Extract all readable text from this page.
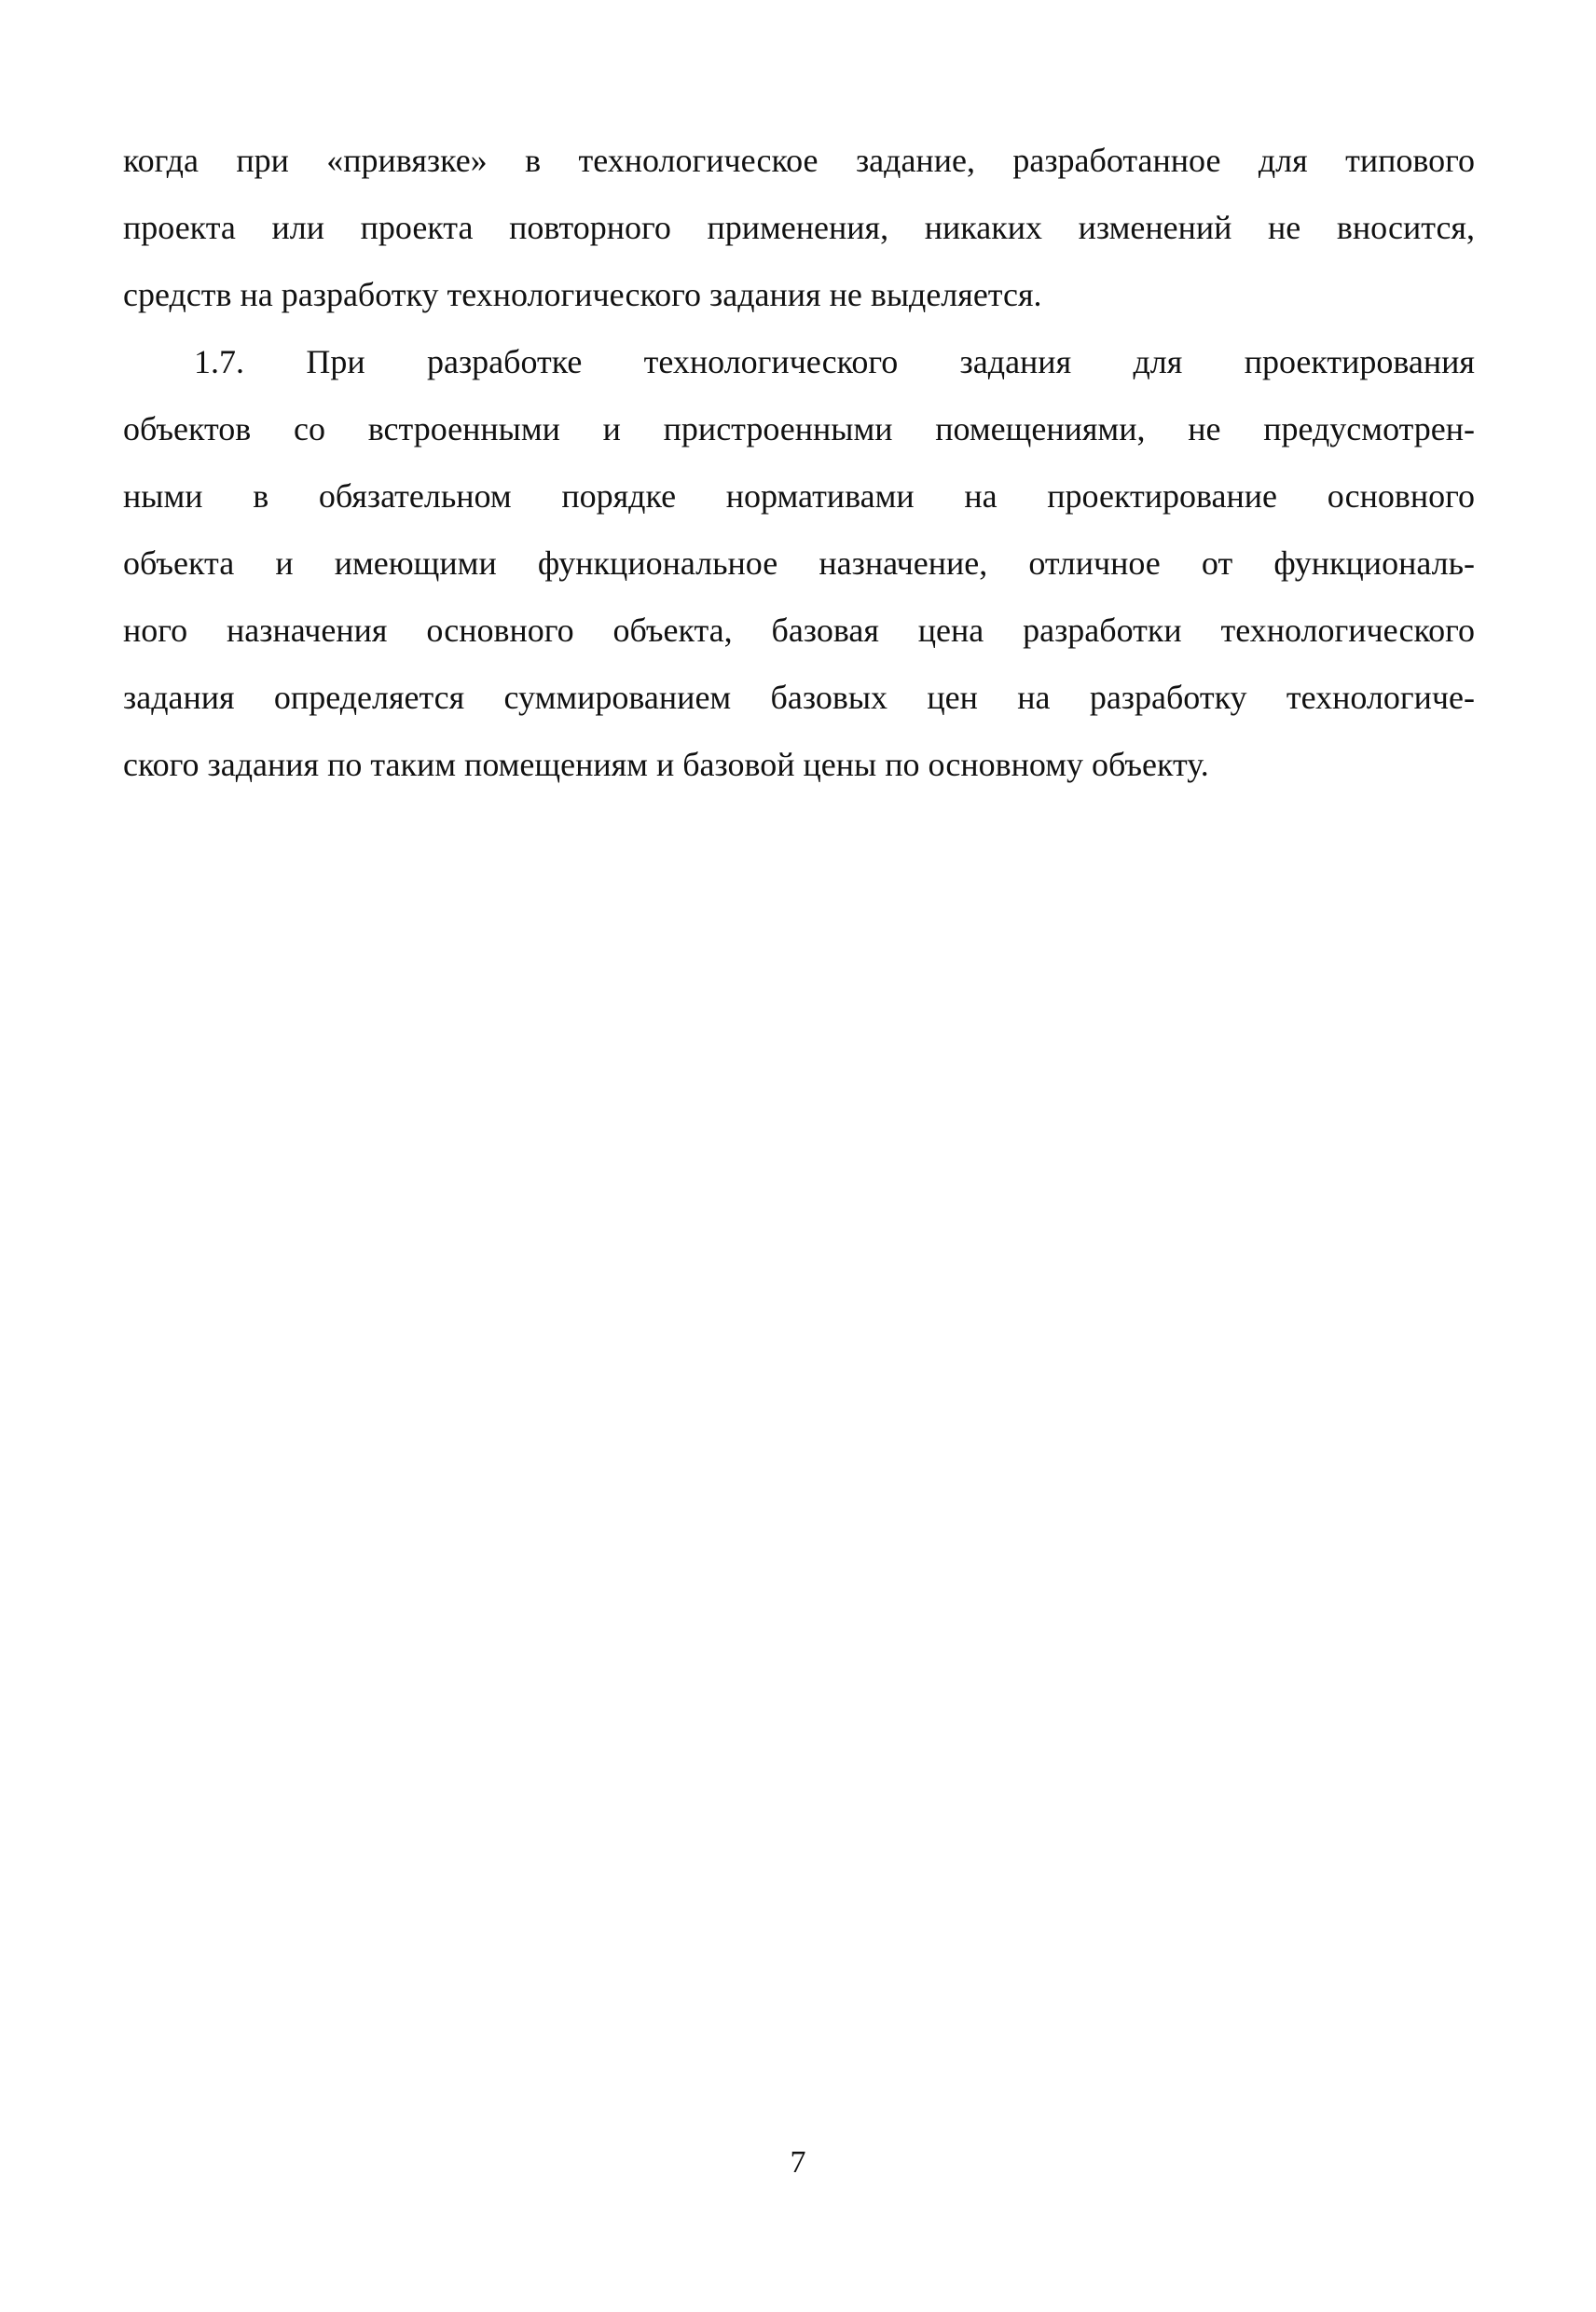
когда при «привязке» в технологическое задание, разработанное для типового
проекта или проекта повторного применения, никаких изменений не вносится,
средств на разработку технологического задания не выделяется.
1.7. При разработке технологического задания для проектирования
объектов со встроенными и пристроенными помещениями, не предусмотрен-
ными в обязательном порядке нормативами на проектирование основного
объекта и имеющими функциональное назначение, отличное от функциональ-
ного назначения основного объекта, базовая цена разработки технологического
задания определяется суммированием базовых цен на разработку технологиче-
ского задания по таким помещениям и базовой цены по основному объекту.
7
